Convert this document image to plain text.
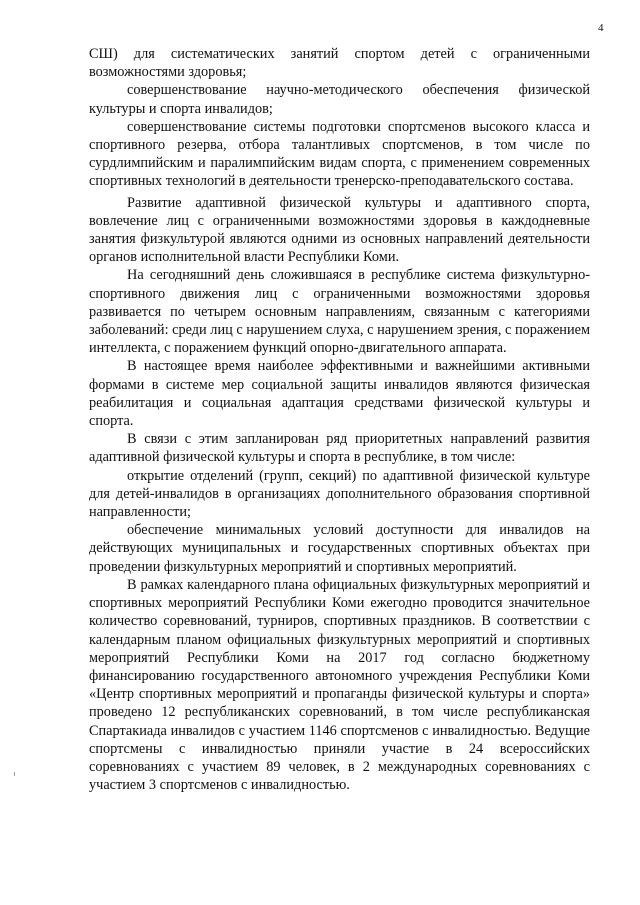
4

СШ) для систематических занятий спортом детей с ограниченными возможностями здоровья;

совершенствование научно-методического обеспечения физической культуры и спорта инвалидов;

совершенствование системы подготовки спортсменов высокого класса и спортивного резерва, отбора талантливых спортсменов, в том числе по сурдлимпийским и паралимпийским видам спорта, с применением современных спортивных технологий в деятельности тренерско-преподавательского состава.

Развитие адаптивной физической культуры и адаптивного спорта, вовлечение лиц с ограниченными возможностями здоровья в каждодневные занятия физкультурой являются одними из основных направлений деятельности органов исполнительной власти Республики Коми.

На сегодняшний день сложившаяся в республике система физкультурно-спортивного движения лиц с ограниченными возможностями здоровья развивается по четырем основным направлениям, связанным с категориями заболеваний: среди лиц с нарушением слуха, с нарушением зрения, с поражением интеллекта, с поражением функций опорно-двигательного аппарата.

В настоящее время наиболее эффективными и важнейшими активными формами в системе мер социальной защиты инвалидов являются физическая реабилитация и социальная адаптация средствами физической культуры и спорта.

В связи с этим запланирован ряд приоритетных направлений развития адаптивной физической культуры и спорта в республике, в том числе:

открытие отделений (групп, секций) по адаптивной физической культуре для детей-инвалидов в организациях дополнительного образования спортивной направленности;

обеспечение минимальных условий доступности для инвалидов на действующих муниципальных и государственных спортивных объектах при проведении физкультурных мероприятий и спортивных мероприятий.

В рамках календарного плана официальных физкультурных мероприятий и спортивных мероприятий Республики Коми ежегодно проводится значительное количество соревнований, турниров, спортивных праздников. В соответствии с календарным планом официальных физкультурных мероприятий и спортивных мероприятий Республики Коми на 2017 год согласно бюджетному финансированию государственного автономного учреждения Республики Коми «Центр спортивных мероприятий и пропаганды физической культуры и спорта» проведено 12 республиканских соревнований, в том числе республиканская Спартакиада инвалидов с участием 1146 спортсменов с инвалидностью. Ведущие спортсмены с инвалидностью приняли участие в 24 всероссийских соревнованиях с участием 89 человек, в 2 международных соревнованиях с участием 3 спортсменов с инвалидностью.
